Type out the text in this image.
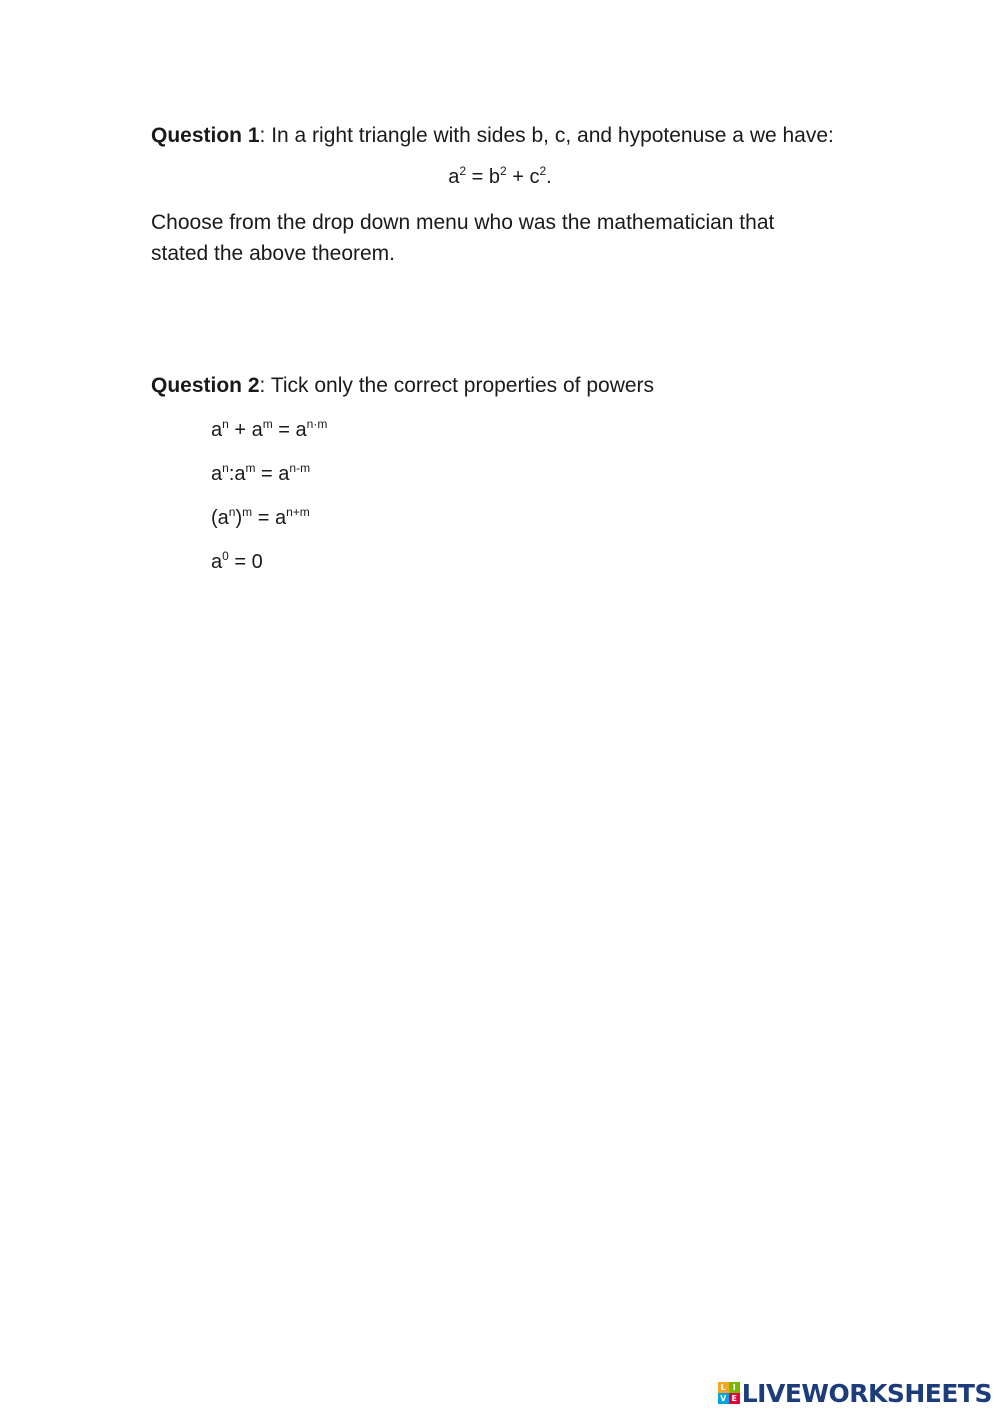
Question 1: In a right triangle with sides b, c, and hypotenuse a we have:
$a^2 = b^2 + c^2$.
Choose from the drop down menu who was the mathematician that
stated the above theorem.
Question 2: Tick only the correct properties of powers
$a^n + a^m = a^{n\cdot m}$
$a^n:a^m = a^{n-m}$
$(a^n)^m = a^{n+m}$
$a^0 = 0$
L I
V E LIVEWORKSHEETS
